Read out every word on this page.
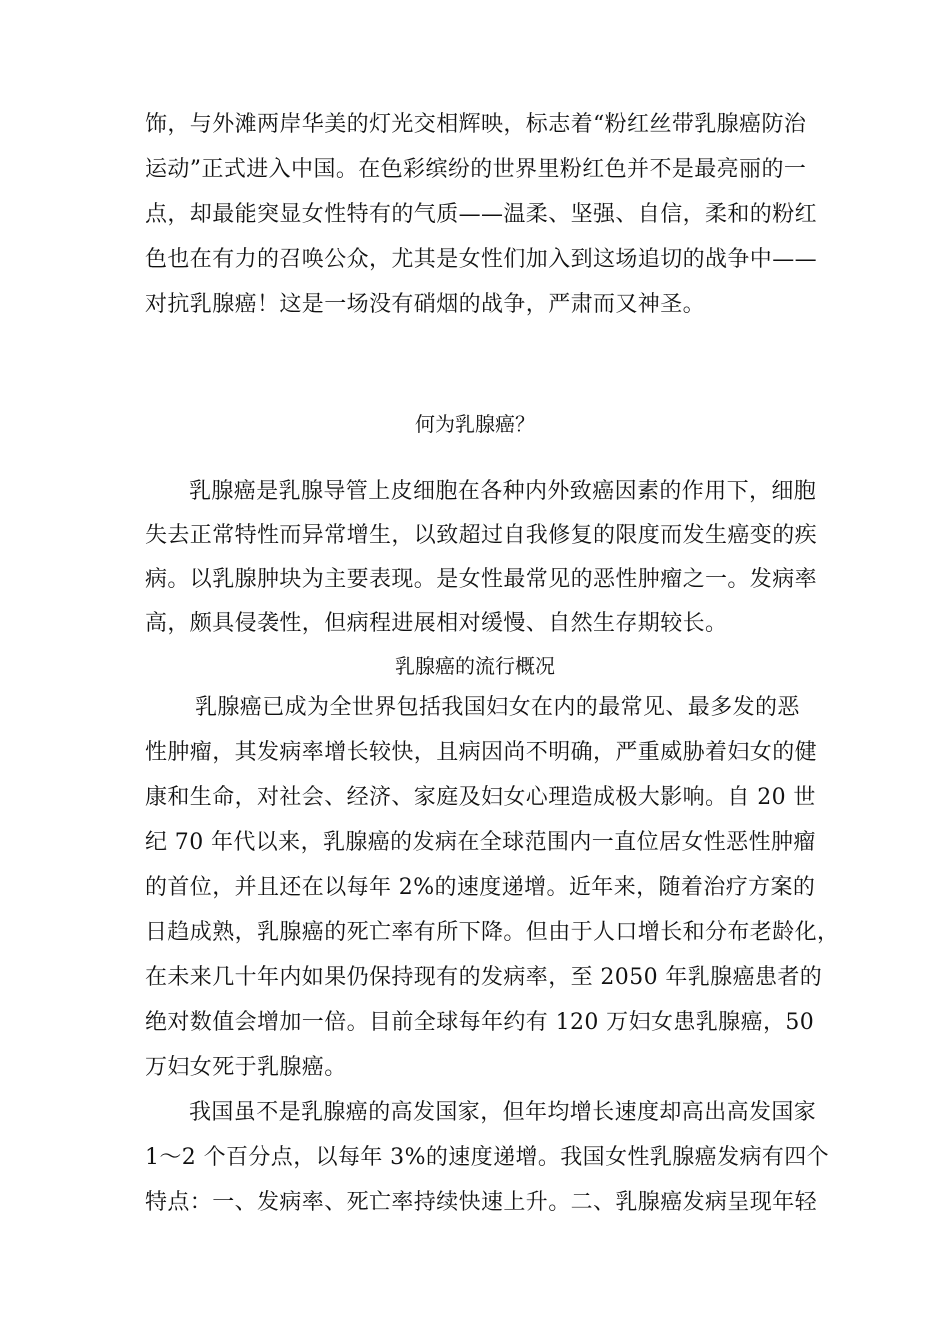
饰，与外滩两岸华美的灯光交相辉映，标志着“粉红丝带乳腺癌防治
运动”正式进入中国。在色彩缤纷的世界里粉红色并不是最亮丽的一
点，却最能突显女性特有的气质——温柔、坚强、自信，柔和的粉红
色也在有力的召唤公众，尤其是女性们加入到这场追切的战争中——
对抗乳腺癌！这是一场没有硝烟的战争，严肃而又神圣。
何为乳腺癌？
乳腺癌是乳腺导管上皮细胞在各种内外致癌因素的作用下，细胞
失去正常特性而异常增生，以致超过自我修复的限度而发生癌变的疾
病。以乳腺肿块为主要表现。是女性最常见的恶性肿瘤之一。发病率
高，颇具侵袭性，但病程进展相对缓慢、自然生存期较长。
乳腺癌的流行概况
乳腺癌已成为全世界包括我国妇女在内的最常见、最多发的恶
性肿瘤，其发病率增长较快，且病因尚不明确，严重威胁着妇女的健
康和生命，对社会、经济、家庭及妇女心理造成极大影响。自 20 世
纪 70 年代以来，乳腺癌的发病在全球范围内一直位居女性恶性肿瘤
的首位，并且还在以每年 2%的速度递增。近年来，随着治疗方案的
日趋成熟，乳腺癌的死亡率有所下降。但由于人口增长和分布老龄化，
在未来几十年内如果仍保持现有的发病率，至 2050 年乳腺癌患者的
绝对数值会增加一倍。目前全球每年约有 120 万妇女患乳腺癌，50
万妇女死于乳腺癌。
我国虽不是乳腺癌的高发国家，但年均增长速度却高出高发国家
1～2 个百分点，以每年 3%的速度递增。我国女性乳腺癌发病有四个
特点：一、发病率、死亡率持续快速上升。二、乳腺癌发病呈现年轻
